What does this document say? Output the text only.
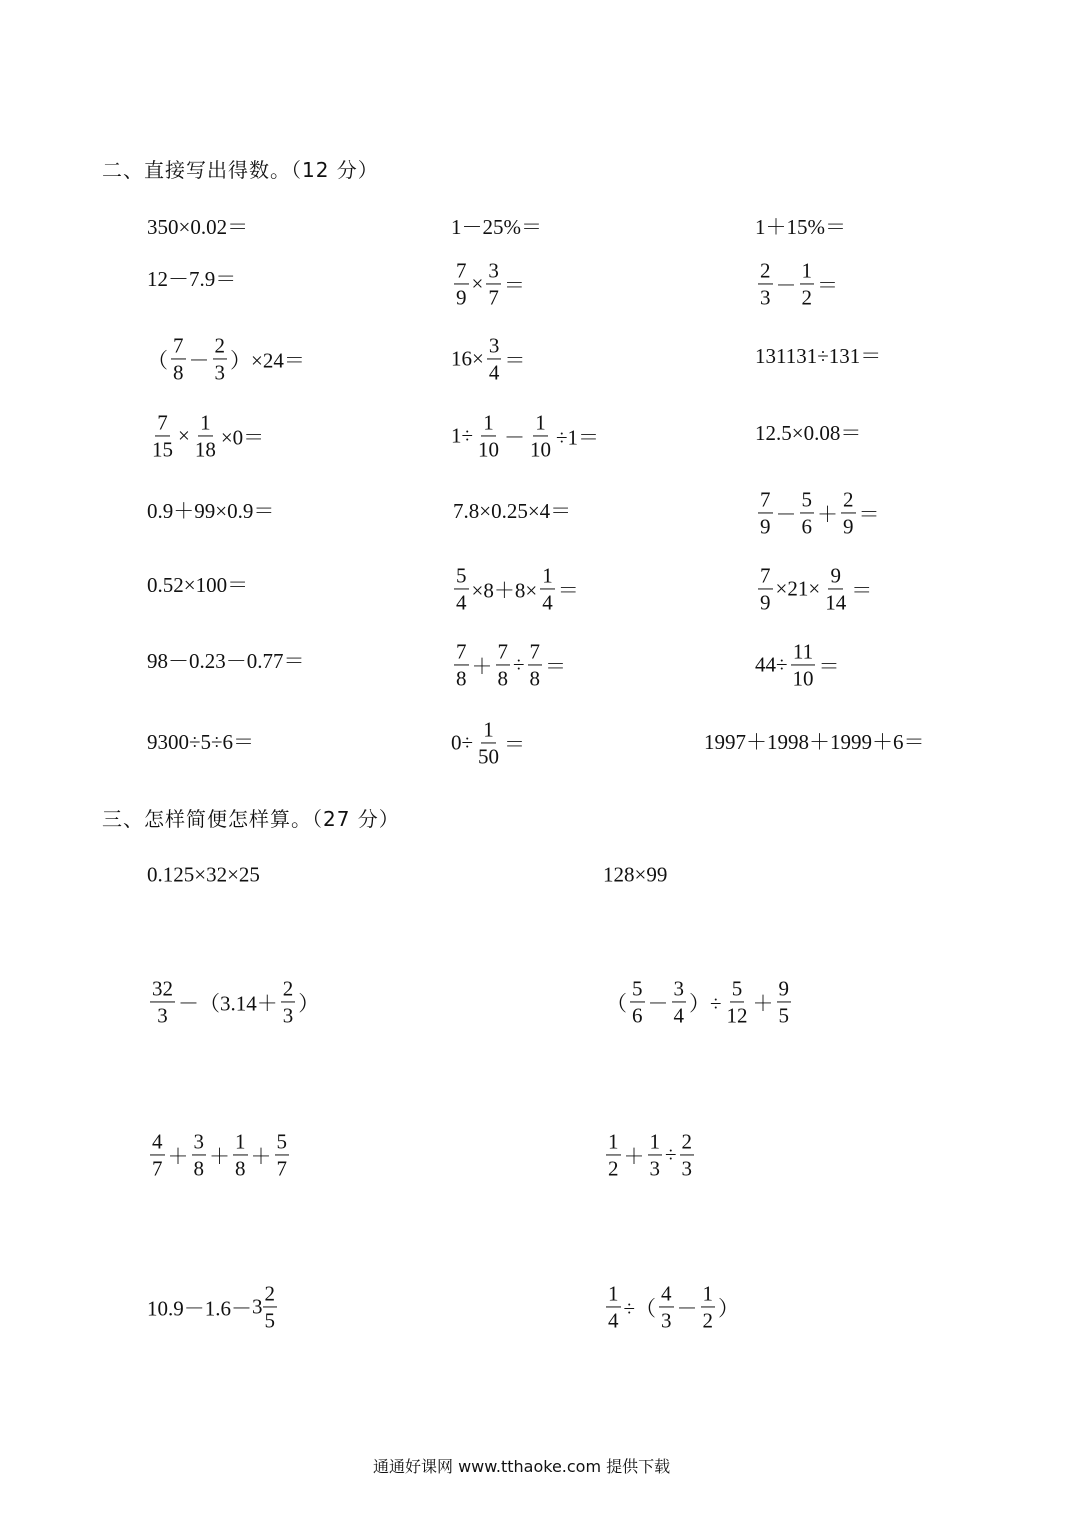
二、直接写出得数。（12 分）
350×0.02＝	1－25%＝	1＋15%＝
12－7.9＝	$\frac{7}{9} \times \frac{3}{7}$ ＝	$\frac{2}{3} - \frac{1}{2}$ ＝
（ $\frac{7}{8} - \frac{2}{3} )\times 24=$	$16\times \frac{3}{4}$ ＝	131131÷131＝
$\frac{7}{15} \times \frac{1}{18} \times 0=$	$1\div \frac{1}{10} - \frac{1}{10} \div 1=$	12.5×0.08＝
0.9＋99×0.9＝	7.8×0.25×4＝	$\frac{7}{9} - \frac{5}{6} + \frac{2}{9}$ ＝
0.52×100＝	$\frac{5}{4} \times 8+8\times \frac{1}{4}$ ＝	$\frac{7}{9} \times 21\times \frac{9}{14}$ ＝
98－0.23－0.77＝	$\frac{7}{8} + \frac{7}{8} \div \frac{7}{8}$ ＝	$44\div \frac{11}{10}$ ＝
9300÷5÷6＝	$0\div \frac{1}{50}$ ＝	1997＋1998＋1999＋6＝
三、怎样简便怎样算。（27 分）
0.125×32×25	128×99
$\frac{32}{3} -(3.14+ \frac{2}{3}$ ）	（ $\frac{5}{6} - \frac{3}{4}$ ）÷ $\frac{5}{12} + \frac{9}{5}$
$\frac{4}{7} + \frac{3}{8} + \frac{1}{8} + \frac{5}{7}$	$\frac{1}{2} + \frac{1}{3} \div \frac{2}{3}$
$10.9-1.6- 3 \frac{2}{5}$	$\frac{1}{4}$ ÷（ $\frac{4}{3} - \frac{1}{2}$ ）
通通好课网 www.tthaoke.com 提供下载
